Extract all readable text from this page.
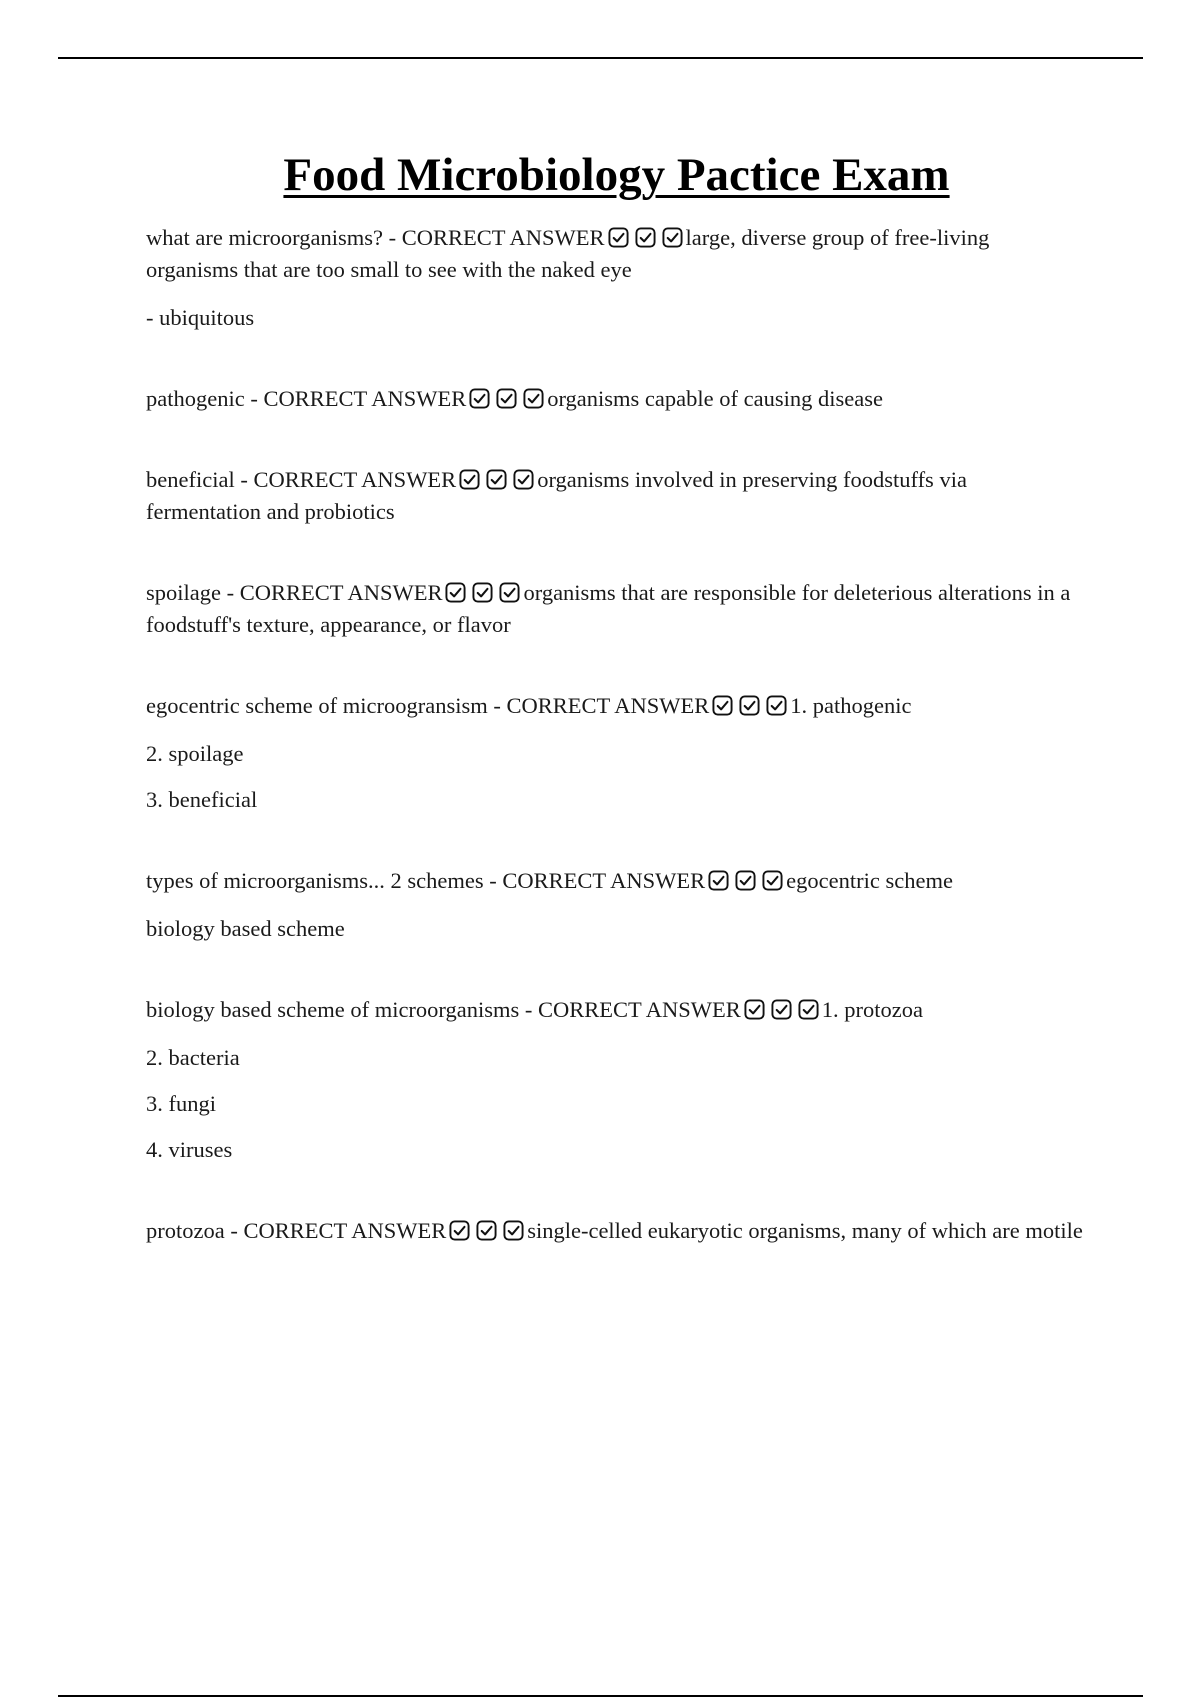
Food Microbiology Pactice Exam

what are microorganisms? - CORRECT ANSWER	large, diverse group of free-living organisms that are too small to see with the naked eye

- ubiquitous

pathogenic - CORRECT ANSWER	organisms capable of causing disease

beneficial - CORRECT ANSWER	organisms involved in preserving foodstuffs via fermentation and probiotics

spoilage - CORRECT ANSWER	organisms that are responsible for deleterious alterations in a foodstuff's texture, appearance, or flavor

egocentric scheme of microogransism - CORRECT ANSWER	1. pathogenic

2. spoilage

3. beneficial

types of microorganisms... 2 schemes - CORRECT ANSWER	egocentric scheme

biology based scheme

biology based scheme of microorganisms - CORRECT ANSWER	1. protozoa

2. bacteria

3. fungi

4. viruses

protozoa - CORRECT ANSWER	single-celled eukaryotic organisms, many of which are motile
